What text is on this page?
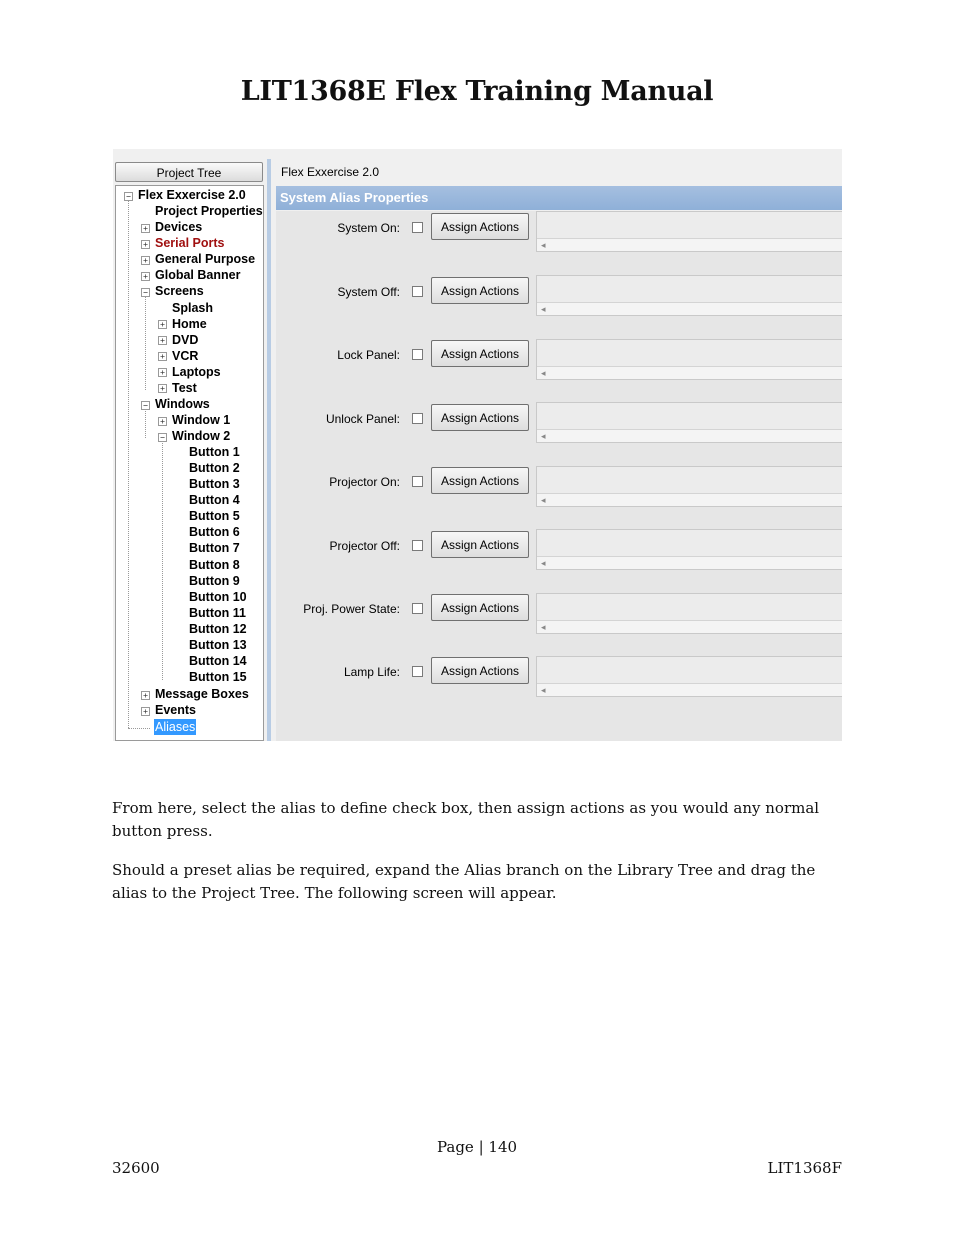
LIT1368E Flex Training Manual
Project Tree
− Flex Exxercise 2.0
Project Properties
+ Devices
+ Serial Ports
+ General Purpose
+ Global Banner
− Screens
Splash
+ Home
+ DVD
+ VCR
+ Laptops
+ Test
− Windows
+ Window 1
− Window 2
Button 1
Button 2
Button 3
Button 4
Button 5
Button 6
Button 7
Button 8
Button 9
Button 10
Button 11
Button 12
Button 13
Button 14
Button 15
+ Message Boxes
+ Events
Aliases
Flex Exxercise 2.0
System Alias Properties
System On:	Assign Actions
◂
System Off:	Assign Actions
◂
Lock Panel:	Assign Actions
◂
Unlock Panel:	Assign Actions
◂
Projector On:	Assign Actions
◂
Projector Off:	Assign Actions
◂
Proj. Power State:	Assign Actions
◂
Lamp Life:	Assign Actions
◂

From here, select the alias to define check box, then assign actions as you would any normal button press.

Should a preset alias be required, expand the Alias branch on the Library Tree and drag the alias to the Project Tree. The following screen will appear.

Page | 140
32600	LIT1368F
